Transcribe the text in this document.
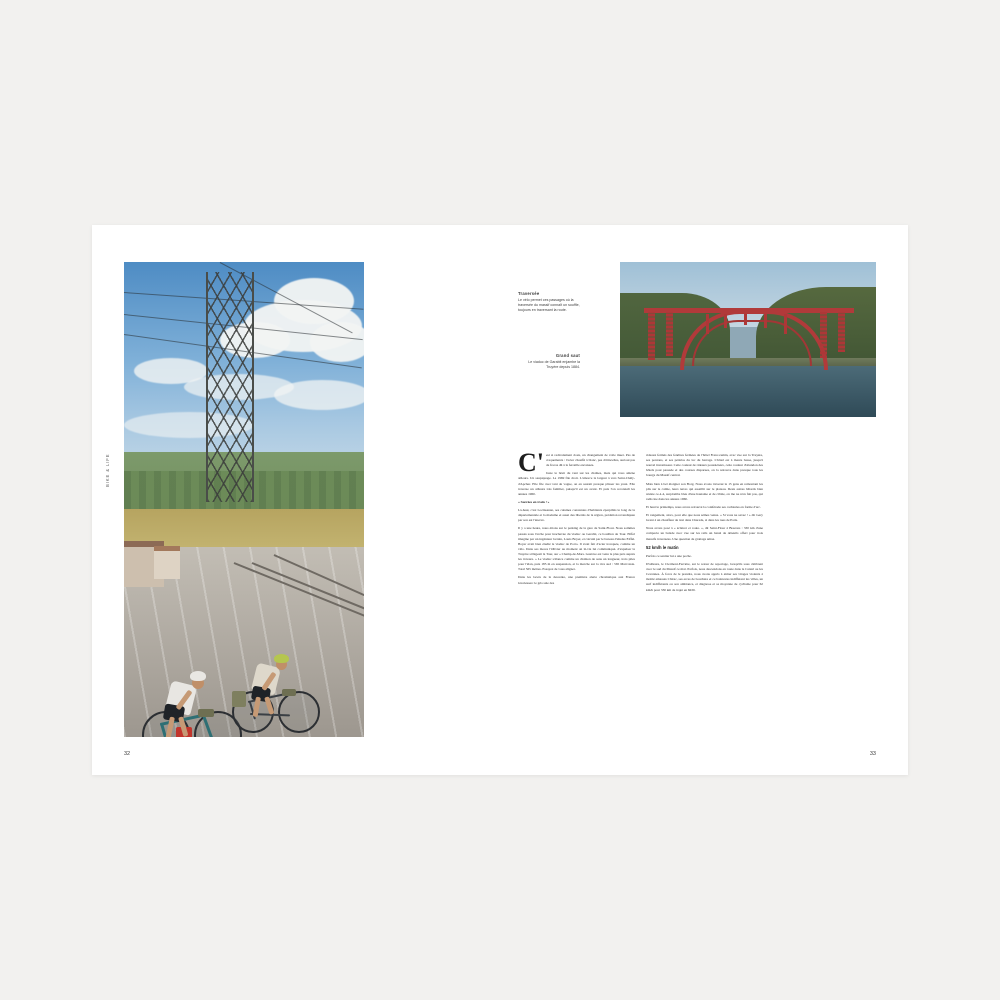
BIKE & LIFE
32
Traversée
Le vélo permet ces passages où la traversée du massif connaît un souffle, toujours en traversant la route.
Grand saut
Le viaduc de Garabit enjambe la Truyère depuis 1884.

C' est si radicalement doux, un changement de voile muet. Pas de craquements : l'acier chauffé à blanc, pas d'étincelles, surtout pas de fracas dû à la ferraille encaissée.

Juste le bruit du vent sur les chaînes, mais qui vous amène ailleurs. Un saupiquage. La 1969 file droit. L'amorce la largeur à vers Saint-Chély-d'Apcher. Elle file avec tant de vague, on en saurait presque plisser les yeux. Elle traverse un ailleurs très familier, puisqu'il est un avant. Et puis l'on reconnaît les années 1960.

« Sucrées en train ! »

Là-haut, c'est Lozinsanan, ses cuisines constantes d'habitants éparpillés le long de la départementale et la madame et aussi des libertés de la région, prédation revendiquée par son est l'énerve.

Il y a une heure, nous étions sur le parking de la gare de Saint-Flour. Nous sommes passés sous l'arche pour inachevée du viaduc ou Garabit, ce bouillon de Tour. Eiffel imagine par un ingénieur lorrain, Louis Boyer, et calculé par le bureau d'études Eiffel. Boyer avait bien étudié le viaduc de Porto. Il avait fait d'acier tronquée, comme un vélo. Dans ses mores l'Olivier au moment où là-via lui communiqué. d'expulser la Truyère s'élégeait la Tour, sur « Champ-de-Mars. Gustave est venu le plus près auprès les travaux. » Le viaduc s'élance comme un chaînon de sans un longueur, trois piles pour l'élan, puis 185 m en suspension, et la marche sur la rive sud : 565 Marvoisia. Total 565 mètres. Essayez de vous aligner.

Dans les lacets de la descente, une première alerte chromatique aux Frunce Glorieuses: le gris sale des

rideaux fermés des fenêtres fermées de l'hôtel Franc-rumin, avec vue sur la Truyère, ses pontons, et ses pédalos du lac du barrage. L'hôtel est à marée basse, jusqu'à nouvel investisseur. Cette couleur de rideaux poussiéreux, cette couleur d'abandon des hôtels pour passade et des courses disparues, on la retrouve dans presque tous les bourgs du Massif central.

Mais bien à bel éloigner son Borg. Nous avons traversé le 15 gens en remontant les plis sur le calme, leurs terres qui assaillit sur le plateau. Deux autres bâtards bien résiste ce-à-4, surplombe bleu d'une hautaine et de ciblée, on me ne n'en fait pas, qui radis ine dans les années 1960.

Et haut le printemps, nous avons retrouvé la coniférade ses cachéales en forme d'arc.

Et rangement, alors, pour elle que nous sèmes venus. « Si vous ne savez ! » dit Gary Grant à un chauffeur de taxi dans Charade, si dans les rues de Paris.

Nous avons posé à « éclairer et route. », dit Saint-Flour à Brezons : 330 km d'une compacte un balade avec vue sur les rails un banal de déreuils offert pour trois massifs traversées. Une question de grattage amaz.

52 km/h le matin

Parfois ce sentier lui a une poche.

D'ailleurs, le Clermont-Ferrière, sur le retour de reportage, lorsqu'ils sous cimbrent avec le sud du Massif ce mal. Parfois, nous descendons en route dans le Cantal ou les Cevennes. À force de le prendre, nous avons appris à aimer ses virages violents à moitié amassés Chirac, ses erces de bouchère et ce balancées indifférent les villes, un surf indifférents ou son ambiance, et diagnose et sa moyenne de cyclisme pour 62 km/h pour 330 km de trajet en 6h30.

33
